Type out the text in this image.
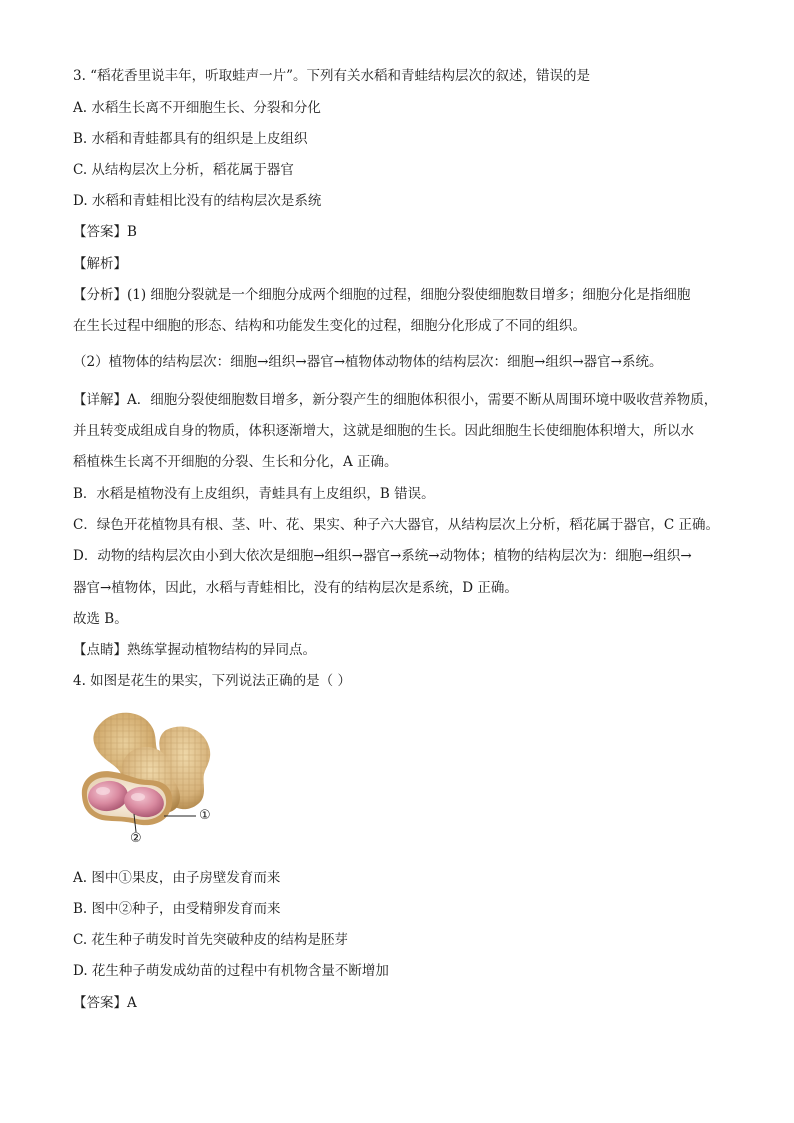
3. “稻花香里说丰年，听取蛙声一片”。下列有关水稻和青蛙结构层次的叙述，错误的是
A. 水稻生长离不开细胞生长、分裂和分化
B. 水稻和青蛙都具有的组织是上皮组织
C. 从结构层次上分析，稻花属于器官
D. 水稻和青蛙相比没有的结构层次是系统
【答案】B
【解析】
【分析】(1) 细胞分裂就是一个细胞分成两个细胞的过程，细胞分裂使细胞数目增多；细胞分化是指细胞
在生长过程中细胞的形态、结构和功能发生变化的过程，细胞分化形成了不同的组织。
（2）植物体的结构层次：细胞→组织→器官→植物体动物体的结构层次：细胞→组织→器官→系统。
【详解】A．细胞分裂使细胞数目增多，新分裂产生的细胞体积很小，需要不断从周围环境中吸收营养物质，
并且转变成组成自身的物质，体积逐渐增大，这就是细胞的生长。因此细胞生长使细胞体积增大，所以水
稻植株生长离不开细胞的分裂、生长和分化，A 正确。
B．水稻是植物没有上皮组织，青蛙具有上皮组织，B 错误。
C．绿色开花植物具有根、茎、叶、花、果实、种子六大器官，从结构层次上分析，稻花属于器官，C 正确。
D．动物的结构层次由小到大依次是细胞→组织→器官→系统→动物体；植物的结构层次为：细胞→组织→
器官→植物体，因此，水稻与青蛙相比，没有的结构层次是系统，D 正确。
故选 B。
【点睛】熟练掌握动植物结构的异同点。
4. 如图是花生的果实，下列说法正确的是（ ）
①
②
A. 图中①果皮，由子房壁发育而来
B. 图中②种子，由受精卵发育而来
C. 花生种子萌发时首先突破种皮的结构是胚芽
D. 花生种子萌发成幼苗的过程中有机物含量不断增加
【答案】A
